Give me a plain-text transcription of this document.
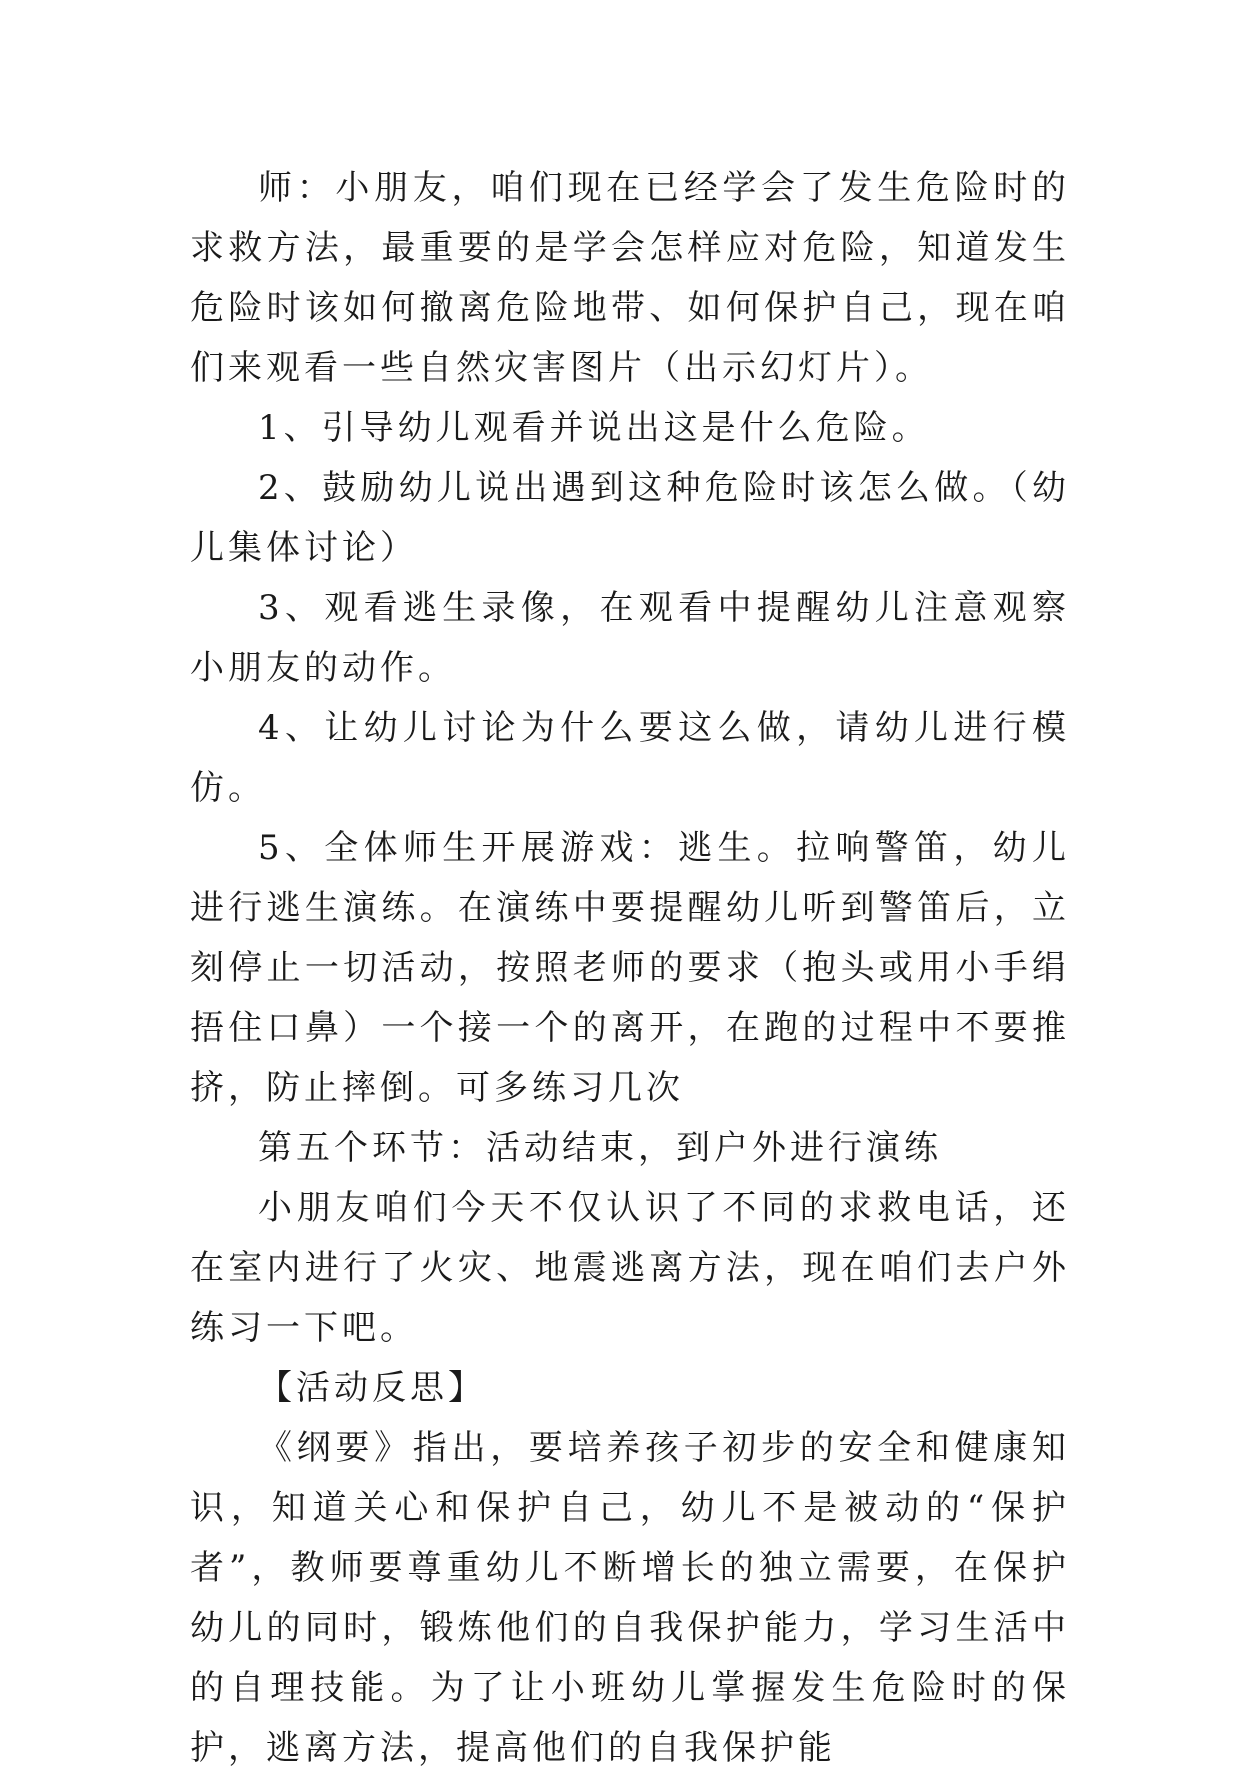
师：小朋友，咱们现在已经学会了发生危险时的求救方法，最重要的是学会怎样应对危险，知道发生危险时该如何撤离危险地带、如何保护自己，现在咱们来观看一些自然灾害图片（出示幻灯片）。

1、引导幼儿观看并说出这是什么危险。

2、鼓励幼儿说出遇到这种危险时该怎么做。（幼儿集体讨论）

3、观看逃生录像，在观看中提醒幼儿注意观察小朋友的动作。

4、让幼儿讨论为什么要这么做，请幼儿进行模仿。

5、全体师生开展游戏：逃生。拉响警笛，幼儿进行逃生演练。在演练中要提醒幼儿听到警笛后，立刻停止一切活动，按照老师的要求（抱头或用小手绢捂住口鼻）一个接一个的离开，在跑的过程中不要推挤，防止摔倒。可多练习几次

第五个环节：活动结束，到户外进行演练

小朋友咱们今天不仅认识了不同的求救电话，还在室内进行了火灾、地震逃离方法，现在咱们去户外练习一下吧。

【活动反思】

《纲要》指出，要培养孩子初步的安全和健康知识，知道关心和保护自己，幼儿不是被动的“保护者”，教师要尊重幼儿不断增长的独立需要，在保护幼儿的同时，锻炼他们的自我保护能力，学习生活中的自理技能。为了让小班幼儿掌握发生危险时的保护，逃离方法，提高他们的自我保护能
